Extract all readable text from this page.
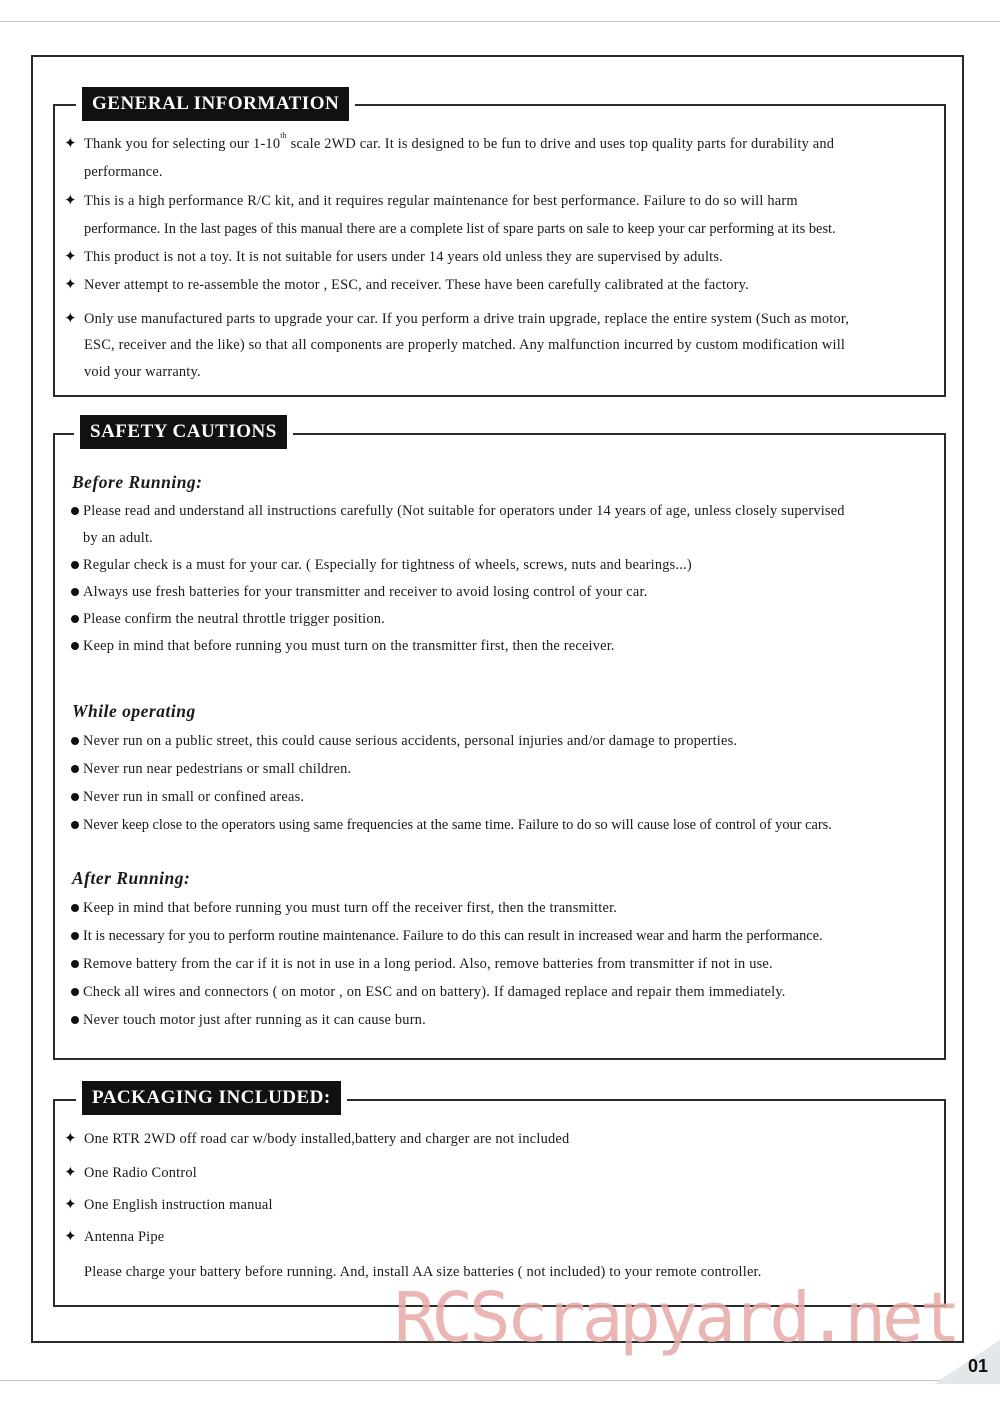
GENERAL INFORMATION
✦ Thank you for selecting our 1-10th scale 2WD car. It is designed to be fun to drive and uses top quality parts for durability and
performance.
✦ This is a high performance R/C kit, and it requires regular maintenance for best performance. Failure to do so will harm
performance. In the last pages of this manual there are a complete list of spare parts on sale to keep your car performing at its best.
✦ This product is not a toy. It is not suitable for users under 14 years old unless they are supervised by adults.
✦ Never attempt to re-assemble the motor , ESC, and receiver. These have been carefully calibrated at the factory.
✦ Only use manufactured parts to upgrade your car. If you perform a drive train upgrade, replace the entire system (Such as motor,
ESC, receiver and the like) so that all components are properly matched. Any malfunction incurred by custom modification will
void your warranty.
SAFETY CAUTIONS
Before Running:
Please read and understand all instructions carefully (Not suitable for operators under 14 years of age, unless closely supervised
by an adult.
Regular check is a must for your car. ( Especially for tightness of wheels, screws, nuts and bearings...)
Always use fresh batteries for your transmitter and receiver to avoid losing control of your car.
Please confirm the neutral throttle trigger position.
Keep in mind that before running you must turn on the transmitter first, then the receiver.
While operating
Never run on a public street, this could cause serious accidents, personal injuries and/or damage to properties.
Never run near pedestrians or small children.
Never run in small or confined areas.
Never keep close to the operators using same frequencies at the same time. Failure to do so will cause lose of control of your cars.
After Running:
Keep in mind that before running you must turn off the receiver first, then the transmitter.
It is necessary for you to perform routine maintenance. Failure to do this can result in increased wear and harm the performance.
Remove battery from the car if it is not in use in a long period. Also, remove batteries from transmitter if not in use.
Check all wires and connectors ( on motor , on ESC and on battery). If damaged replace and repair them immediately.
Never touch motor just after running as it can cause burn.
PACKAGING INCLUDED:
✦ One RTR 2WD off road car w/body installed,battery and charger are not included
✦ One Radio Control
✦ One English instruction manual
✦ Antenna Pipe
Please charge your battery before running. And, install AA size batteries ( not included) to your remote controller.
RCScrapyard.net
01
